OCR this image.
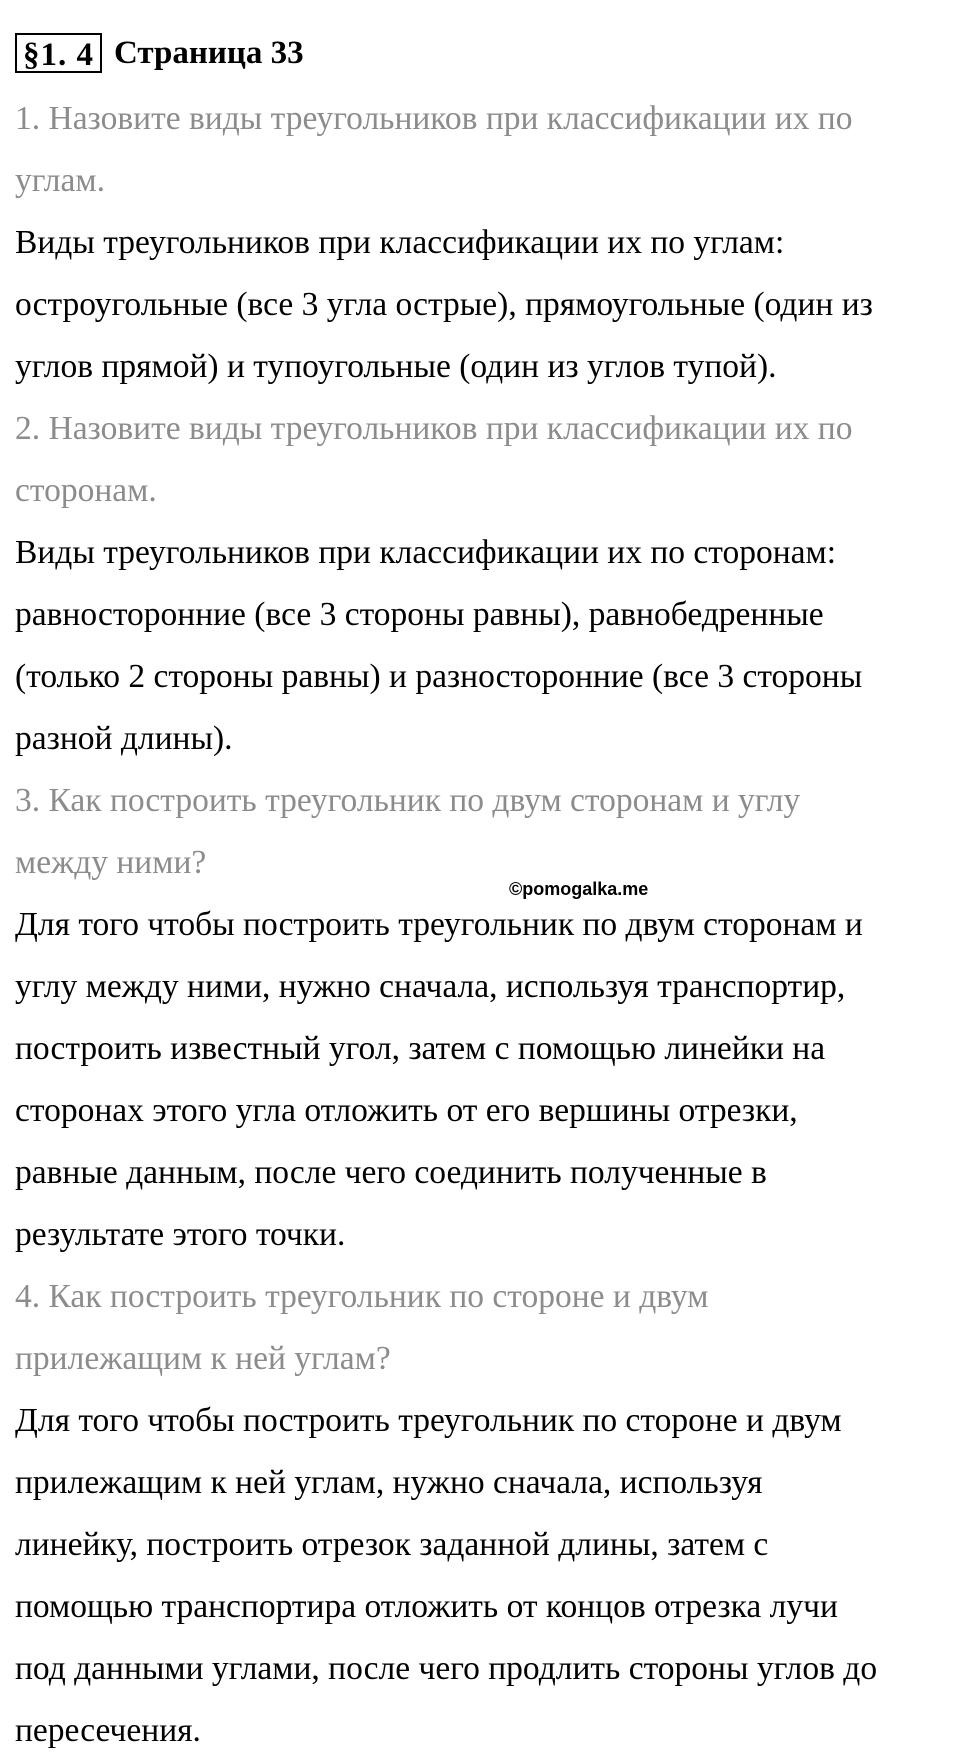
§1. 4 Страница 33
1. Назовите виды треугольников при классификации их по
углам.
Виды треугольников при классификации их по углам:
остроугольные (все 3 угла острые), прямоугольные (один из
углов прямой) и тупоугольные (один из углов тупой).
2. Назовите виды треугольников при классификации их по
сторонам.
Виды треугольников при классификации их по сторонам:
равносторонние (все 3 стороны равны), равнобедренные
(только 2 стороны равны) и разносторонние (все 3 стороны
разной длины).
3. Как построить треугольник по двум сторонам и углу
между ними?
Для того чтобы построить треугольник по двум сторонам и
углу между ними, нужно сначала, используя транспортир,
построить известный угол, затем с помощью линейки на
сторонах этого угла отложить от его вершины отрезки,
равные данным, после чего соединить полученные в
результате этого точки.
4. Как построить треугольник по стороне и двум
прилежащим к ней углам?
Для того чтобы построить треугольник по стороне и двум
прилежащим к ней углам, нужно сначала, используя
линейку, построить отрезок заданной длины, затем с
помощью транспортира отложить от концов отрезка лучи
под данными углами, после чего продлить стороны углов до
пересечения.
©pomogalka.me
